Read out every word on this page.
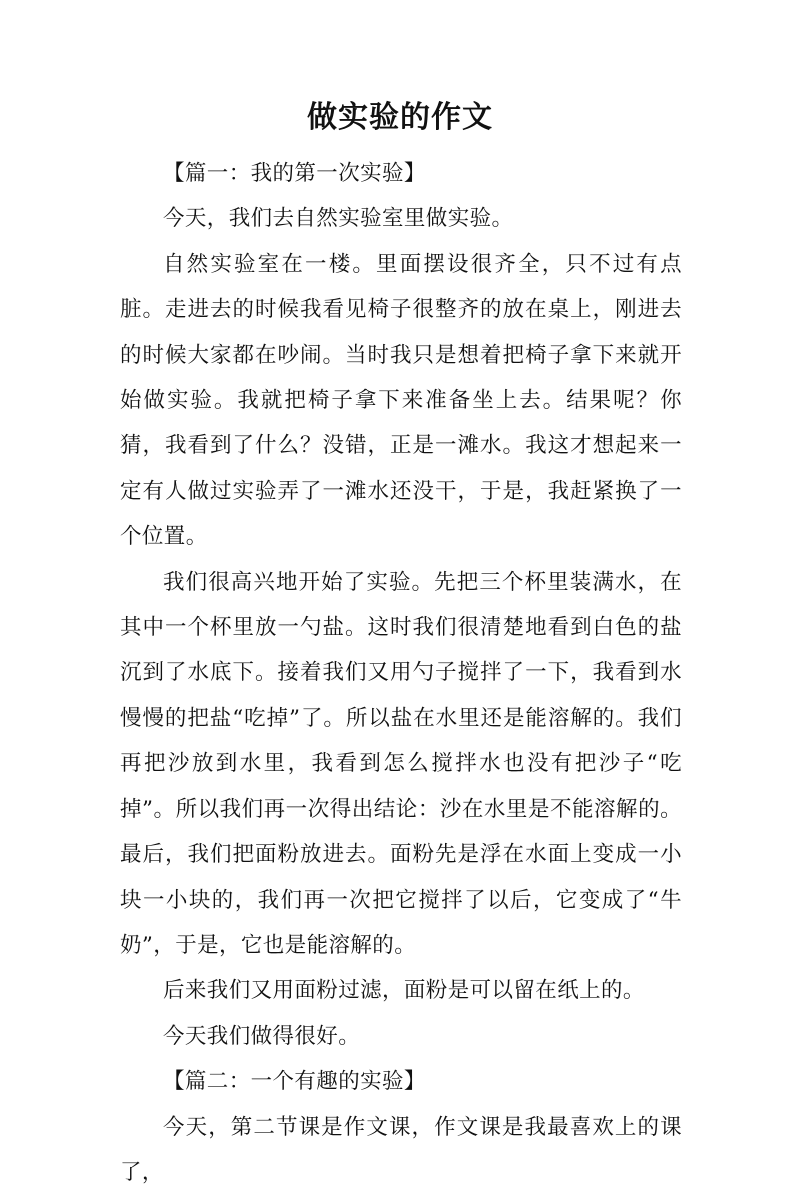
做实验的作文

【篇一：我的第一次实验】

今天，我们去自然实验室里做实验。

自然实验室在一楼。里面摆设很齐全，只不过有点脏。走进去的时候我看见椅子很整齐的放在桌上，刚进去的时候大家都在吵闹。当时我只是想着把椅子拿下来就开始做实验。我就把椅子拿下来准备坐上去。结果呢？你猜，我看到了什么？没错，正是一滩水。我这才想起来一定有人做过实验弄了一滩水还没干，于是，我赶紧换了一个位置。

我们很高兴地开始了实验。先把三个杯里装满水，在其中一个杯里放一勺盐。这时我们很清楚地看到白色的盐沉到了水底下。接着我们又用勺子搅拌了一下，我看到水慢慢的把盐“吃掉”了。所以盐在水里还是能溶解的。我们再把沙放到水里，我看到怎么搅拌水也没有把沙子“吃掉”。所以我们再一次得出结论：沙在水里是不能溶解的。最后，我们把面粉放进去。面粉先是浮在水面上变成一小块一小块的，我们再一次把它搅拌了以后，它变成了“牛奶”，于是，它也是能溶解的。

后来我们又用面粉过滤，面粉是可以留在纸上的。

今天我们做得很好。

【篇二：一个有趣的实验】

今天，第二节课是作文课，作文课是我最喜欢上的课了，
